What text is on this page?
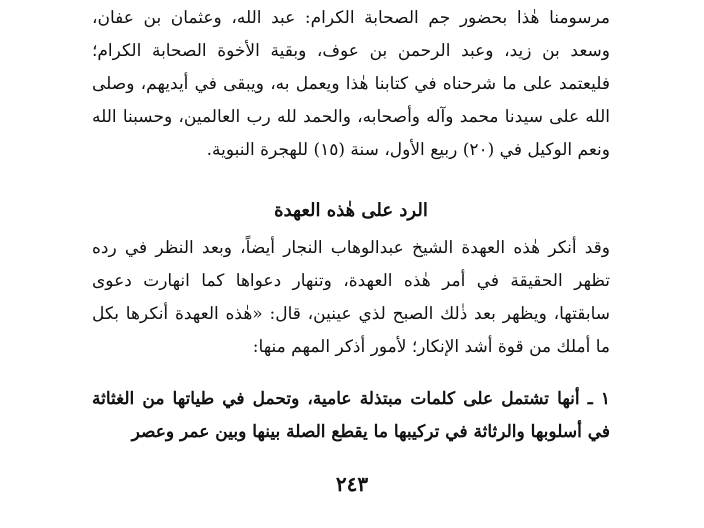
مرسومنا هٰذا بحضور جم الصحابة الكرام: عبد الله، وعثمان بن عفان، وسعد بن زيد، وعبد الرحمن بن عوف، وبقية الأخوة الصحابة الكرام؛ فليعتمد على ما شرحناه في كتابنا هٰذا ويعمل به، ويبقى في أيديهم، وصلى الله على سيدنا محمد وآله وأصحابه، والحمد لله رب العالمين، وحسبنا الله ونعم الوكيل في (٢٠) ربيع الأول، سنة (١٥) للهجرة النبوية.

الرد على هٰذه العهدة

وقد أنكر هٰذه العهدة الشيخ عبدالوهاب النجار أيضاً، وبعد النظر في رده تظهر الحقيقة في أمر هٰذه العهدة، وتنهار دعواها كما انهارت دعوى سابقتها، ويظهر بعد ذٰلك الصبح لذي عينين، قال: «هٰذه العهدة أنكرها بكل ما أملك من قوة أشد الإنكار؛ لأمور أذكر المهم منها:

١ ـ أنها تشتمل على كلمات مبتذلة عامية، وتحمل في طياتها من الغثاثة في أسلوبها والرثاثة في تركيبها ما يقطع الصلة بينها وبين عمر وعصر

٢٤٣
